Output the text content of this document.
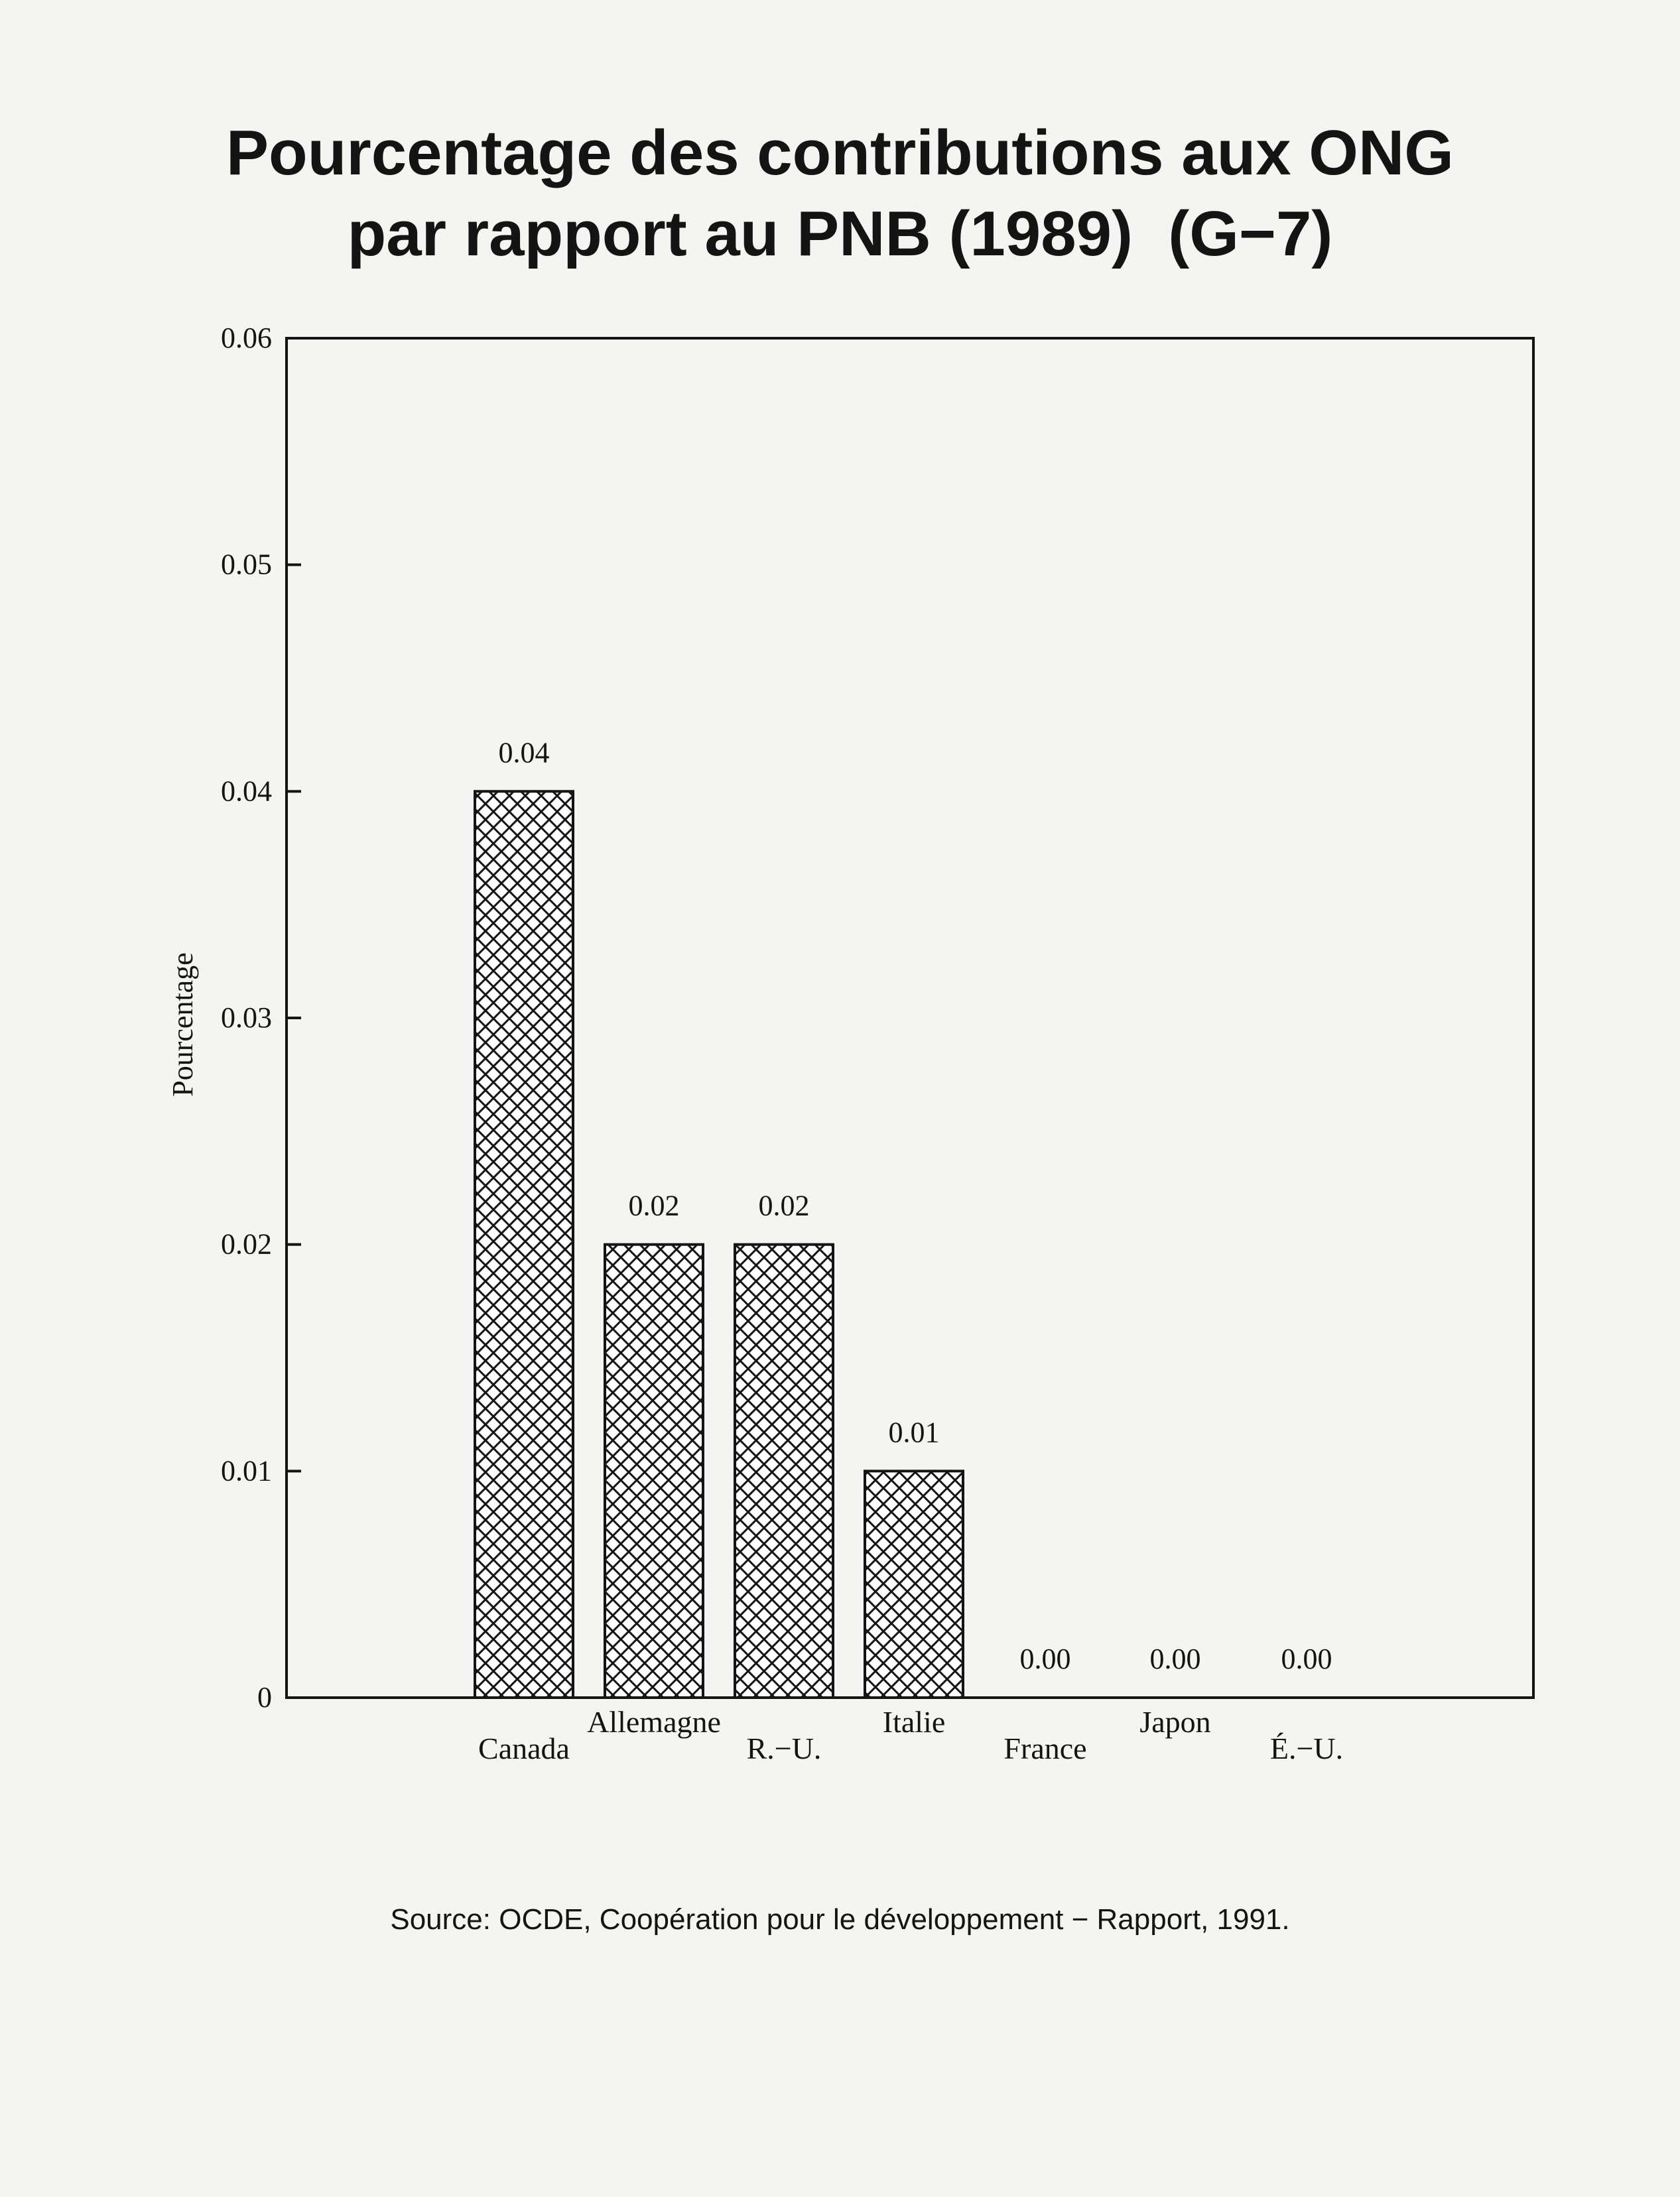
Pourcentage des contributions aux ONG
par rapport au PNB (1989)  (G−7)
0
0.01
0.02
0.03
0.04
0.05
0.06
0.04
0.02	0.02
0.01
0.00	0.00	0.00
Canada
Allemagne
R.−U.
Italie
France
Japon
É.−U.
Pourcentage
Source: OCDE, Coopération pour le développement − Rapport, 1991.
